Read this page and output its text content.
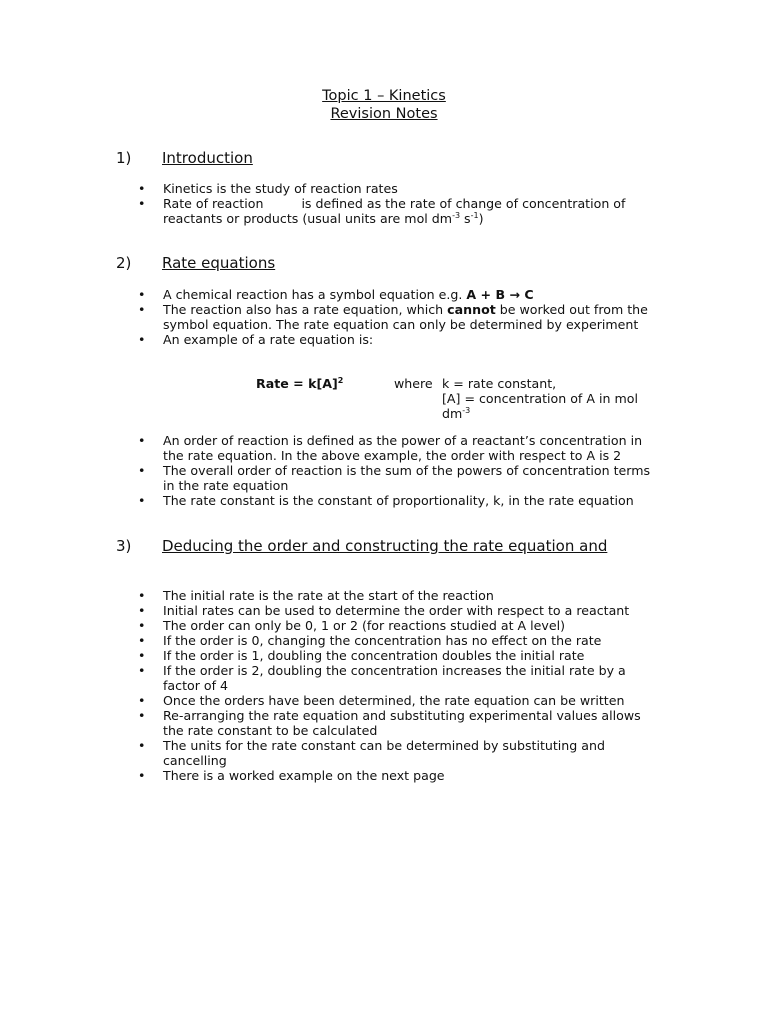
Topic 1 – Kinetics
Revision Notes
1) Introduction
• Kinetics is the study of reaction rates
• Rate of reaction	is defined as the rate of change of concentration of reactants or products (usual units are mol $dm^{-3}$ $s^{-1}$)
2) Rate equations
• A chemical reaction has a symbol equation e.g. A + B → C
• The reaction also has a rate equation, which cannot be worked out from the symbol equation. The rate equation can only be determined by experiment
• An example of a rate equation is:
Rate = $k[A]^2$	where k = rate constant,
[A] = concentration of A in mol $dm^{-3}$
• An order of reaction is defined as the power of a reactant’s concentration in the rate equation. In the above example, the order with respect to A is 2
• The overall order of reaction is the sum of the powers of concentration terms in the rate equation
• The rate constant is the constant of proportionality, k, in the rate equation
3) Deducing the order and constructing the rate equation and
• The initial rate is the rate at the start of the reaction
• Initial rates can be used to determine the order with respect to a reactant
• The order can only be 0, 1 or 2 (for reactions studied at A level)
• If the order is 0, changing the concentration has no effect on the rate
• If the order is 1, doubling the concentration doubles the initial rate
• If the order is 2, doubling the concentration increases the initial rate by a factor of 4
• Once the orders have been determined, the rate equation can be written
• Re-arranging the rate equation and substituting experimental values allows the rate constant to be calculated
• The units for the rate constant can be determined by substituting and cancelling
• There is a worked example on the next page
